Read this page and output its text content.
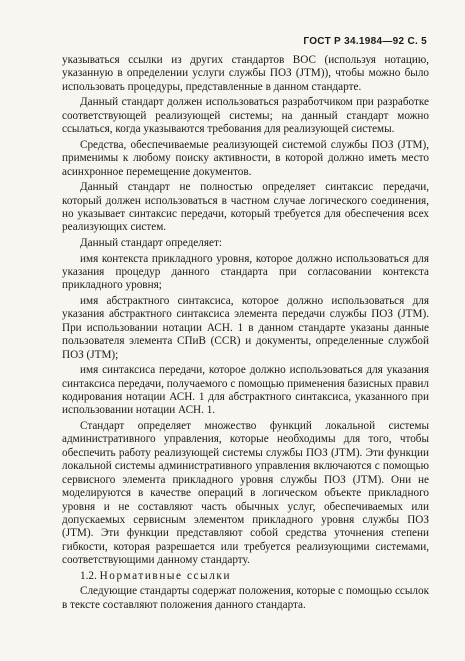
ГОСТ Р 34.1984—92 С. 5

указываться ссылки из других стандартов ВОС (используя нотацию, указанную в определении услуги службы ПОЗ (JTM)), чтобы можно было использовать процедуры, представленные в данном стандарте.

Данный стандарт должен использоваться разработчиком при разработке соответствующей реализующей системы; на данный стандарт можно ссылаться, когда указываются требования для реализующей системы.

Средства, обеспечиваемые реализующей системой службы ПОЗ (JTM), применимы к любому поиску активности, в которой должно иметь место асинхронное перемещение документов.

Данный стандарт не полностью определяет синтаксис передачи, который должен использоваться в частном случае логического соединения, но указывает синтаксис передачи, который требуется для обеспечения всех реализующих систем.

Данный стандарт определяет:

имя контекста прикладного уровня, которое должно использоваться для указания процедур данного стандарта при согласовании контекста прикладного уровня;

имя абстрактного синтаксиса, которое должно использоваться для указания абстрактного синтаксиса элемента передачи службы ПОЗ (JTM). При использовании нотации АСН. 1 в данном стандарте указаны данные пользователя элемента СПиВ (CCR) и документы, определенные службой ПОЗ (JTM);

имя синтаксиса передачи, которое должно использоваться для указания синтаксиса передачи, получаемого с помощью применения базисных правил кодирования нотации АСН. 1 для абстрактного синтаксиса, указанного при использовании нотации АСН. 1.

Стандарт определяет множество функций локальной системы административного управления, которые необходимы для того, чтобы обеспечить работу реализующей системы службы ПОЗ (JTM). Эти функции локальной системы административного управления включаются с помощью сервисного элемента прикладного уровня службы ПОЗ (JTM). Они не моделируются в качестве операций в логическом объекте прикладного уровня и не составляют часть обычных услуг, обеспечиваемых или допускаемых сервисным элементом прикладного уровня службы ПОЗ (JTM). Эти функции представляют собой средства уточнения степени гибкости, которая разрешается или требуется реализующими системами, соответствующими данному стандарту.

1.2. Нормативные ссылки

Следующие стандарты содержат положения, которые с помощью ссылок в тексте составляют положения данного стандарта.
